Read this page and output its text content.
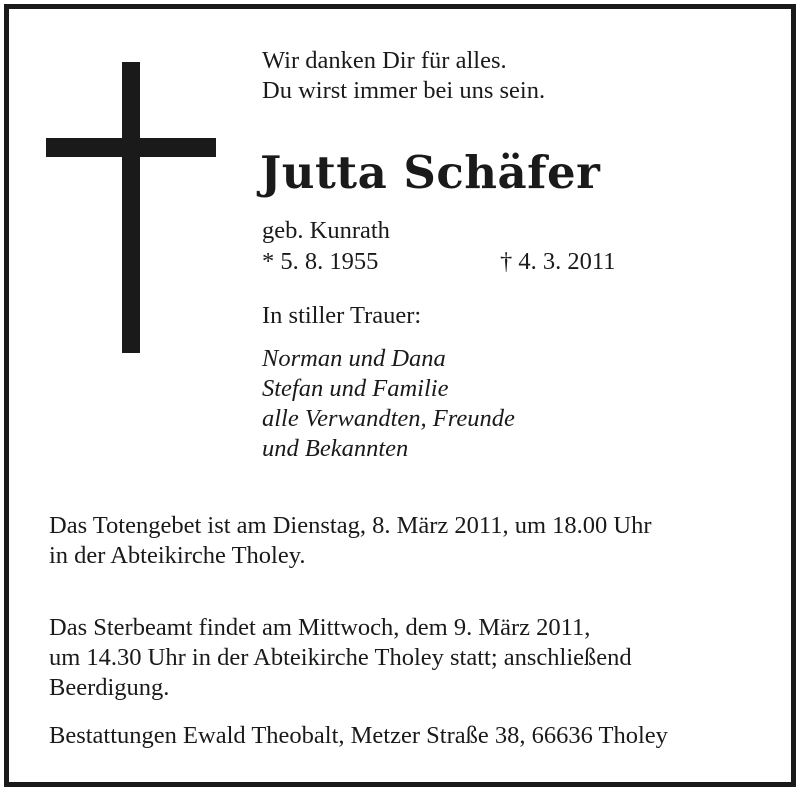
Wir danken Dir für alles.
Du wirst immer bei uns sein.
Jutta Schäfer
geb. Kunrath
* 5. 8. 1955	† 4. 3. 2011
In stiller Trauer:
Norman und Dana
Stefan und Familie
alle Verwandten, Freunde
und Bekannten
Das Totengebet ist am Dienstag, 8. März 2011, um 18.00 Uhr
in der Abteikirche Tholey.
Das Sterbeamt findet am Mittwoch, dem 9. März 2011,
um 14.30 Uhr in der Abteikirche Tholey statt; anschließend
Beerdigung.
Bestattungen Ewald Theobalt, Metzer Straße 38, 66636 Tholey
